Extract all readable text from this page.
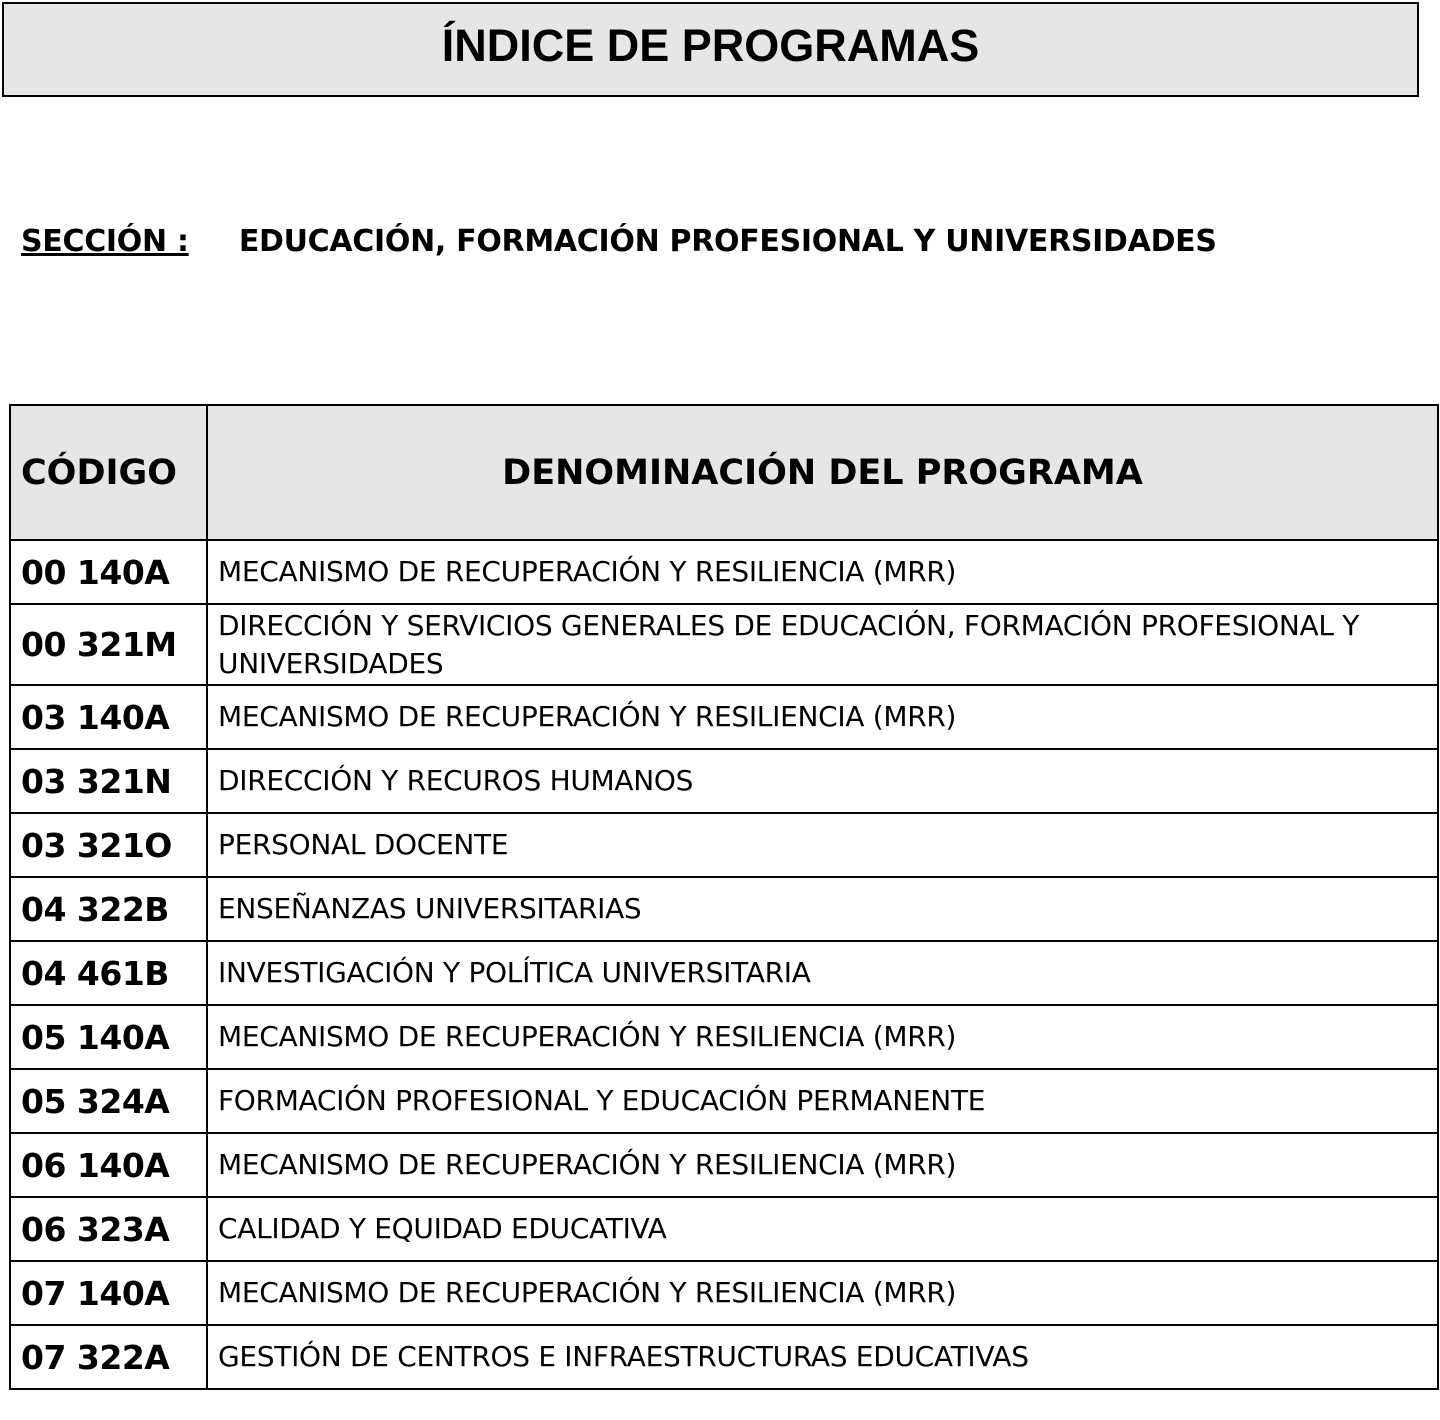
ÍNDICE DE PROGRAMAS
SECCIÓN : EDUCACIÓN, FORMACIÓN PROFESIONAL Y UNIVERSIDADES
CÓDIGO	DENOMINACIÓN DEL PROGRAMA
00 140A	MECANISMO DE RECUPERACIÓN Y RESILIENCIA (MRR)
00 321M	DIRECCIÓN Y SERVICIOS GENERALES DE EDUCACIÓN, FORMACIÓN PROFESIONAL Y UNIVERSIDADES
03 140A	MECANISMO DE RECUPERACIÓN Y RESILIENCIA (MRR)
03 321N	DIRECCIÓN Y RECUROS HUMANOS
03 321O	PERSONAL DOCENTE
04 322B	ENSEÑANZAS UNIVERSITARIAS
04 461B	INVESTIGACIÓN Y POLÍTICA UNIVERSITARIA
05 140A	MECANISMO DE RECUPERACIÓN Y RESILIENCIA (MRR)
05 324A	FORMACIÓN PROFESIONAL Y EDUCACIÓN PERMANENTE
06 140A	MECANISMO DE RECUPERACIÓN Y RESILIENCIA (MRR)
06 323A	CALIDAD Y EQUIDAD EDUCATIVA
07 140A	MECANISMO DE RECUPERACIÓN Y RESILIENCIA (MRR)
07 322A	GESTIÓN DE CENTROS E INFRAESTRUCTURAS EDUCATIVAS
